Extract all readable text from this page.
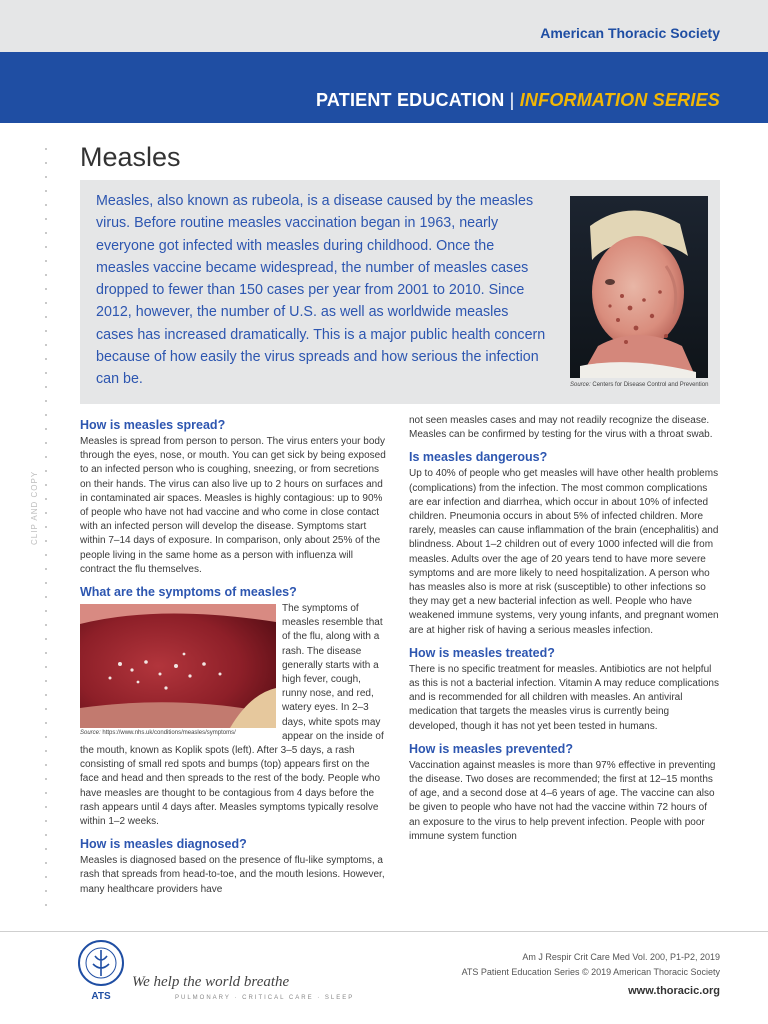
American Thoracic Society
PATIENT EDUCATION | INFORMATION SERIES
CLIP AND COPY
Measles

Measles, also known as rubeola, is a disease caused by the measles virus. Before routine measles vaccination began in 1963, nearly everyone got infected with measles during childhood. Once the measles vaccine became widespread, the number of measles cases dropped to fewer than 150 cases per year from 2001 to 2010. Since 2012, however, the number of U.S. as well as worldwide measles cases has increased dramatically. This is a major public health concern because of how easily the virus spreads and how serious the infection can be.	Source: Centers for Disease Control and Prevention
How is measles spread?

Measles is spread from person to person. The virus enters your body through the eyes, nose, or mouth. You can get sick by being exposed to an infected person who is coughing, sneezing, or from secretions on their hands. The virus can also live up to 2 hours on surfaces and in contaminated air spaces. Measles is highly contagious: up to 90% of people who have not had vaccine and who come in close contact with an infected person will develop the disease. Symptoms start within 7–14 days of exposure. In comparison, only about 25% of the people living in the same home as a person with influenza will contract the flu themselves.

What are the symptoms of measles?
Source: https://www.nhs.uk/conditions/measles/symptoms/

The symptoms of measles resemble that of the flu, along with a rash. The disease generally starts with a high fever, cough, runny nose, and red, watery eyes. In 2–3 days, white spots may appear on the inside of the mouth, known as Koplik spots (left). After 3–5 days, a rash consisting of small red spots and bumps (top) appears first on the face and head and then spreads to the rest of the body. People who have measles are thought to be contagious from 4 days before the rash appears until 4 days after. Measles symptoms typically resolve within 1–2 weeks.

How is measles diagnosed?

Measles is diagnosed based on the presence of flu-like symptoms, a rash that spreads from head-to-toe, and the mouth lesions. However, many healthcare providers have

not seen measles cases and may not readily recognize the disease. Measles can be confirmed by testing for the virus with a throat swab.

Is measles dangerous?

Up to 40% of people who get measles will have other health problems (complications) from the infection. The most common complications are ear infection and diarrhea, which occur in about 10% of infected children. Pneumonia occurs in about 5% of infected children. More rarely, measles can cause inflammation of the brain (encephalitis) and blindness. About 1–2 children out of every 1000 infected will die from measles. Adults over the age of 20 years tend to have more severe symptoms and are more likely to need hospitalization. A person who has measles also is more at risk (susceptible) to other infections so they may get a new bacterial infection as well. People who have weakened immune systems, very young infants, and pregnant women are at higher risk of having a serious measles infection.

How is measles treated?

There is no specific treatment for measles. Antibiotics are not helpful as this is not a bacterial infection. Vitamin A may reduce complications and is recommended for all children with measles. An antiviral medication that targets the measles virus is currently being developed, though it has not yet been tested in humans.

How is measles prevented?

Vaccination against measles is more than 97% effective in preventing the disease. Two doses are recommended; the first at 12–15 months of age, and a second dose at 4–6 years of age. The vaccine can also be given to people who have not had the vaccine within 72 hours of an exposure to the virus to help prevent infection. People with poor immune system function

ATS
We help the world breathe
PULMONARY · CRITICAL CARE · SLEEP
Am J Respir Crit Care Med Vol. 200, P1-P2, 2019
ATS Patient Education Series © 2019 American Thoracic Society
www.thoracic.org
